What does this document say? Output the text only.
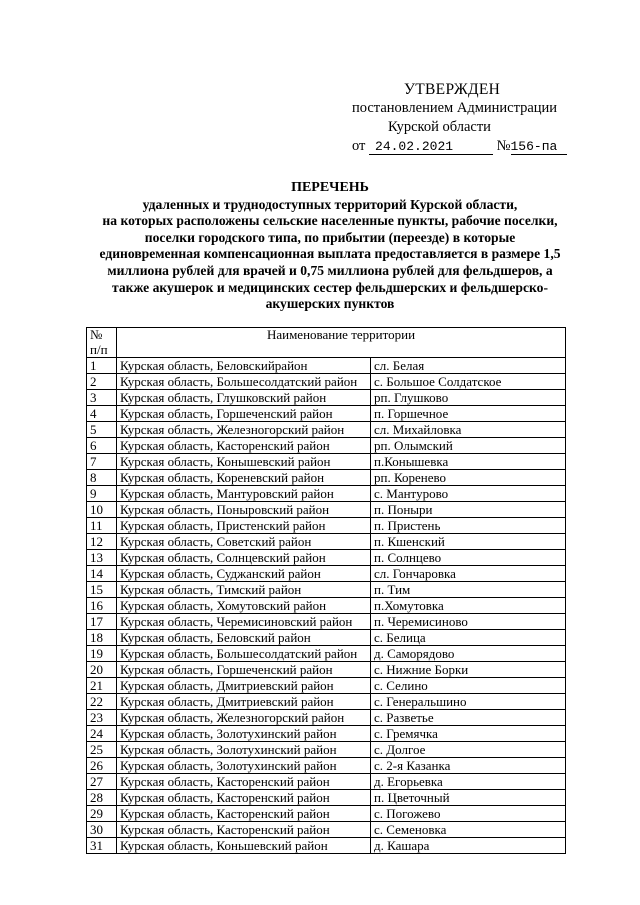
УТВЕРЖДЕН
постановлением Администрации
Курской области
от 24.02.2021	№156-па
ПЕРЕЧЕНЬ
удаленных и труднодоступных территорий Курской области,
на которых расположены сельские населенные пункты, рабочие поселки,
поселки городского типа, по прибытии (переезде) в которые
единовременная компенсационная выплата предоставляется в размере 1,5
миллиона рублей для врачей и 0,75 миллиона рублей для фельдшеров, а
также акушерок и медицинских сестер фельдшерских и фельдшерско-
акушерских пунктов
№
п/п	Наименование территории	
1	Курская область, Беловскийрайон	сл. Белая
2	Курская область, Большесолдатский район	с. Большое Солдатское
3	Курская область, Глушковский район	рп. Глушково
4	Курская область, Горшеченский район	п. Горшечное
5	Курская область, Железногорский район	сл. Михайловка
6	Курская область, Касторенский район	рп. Олымский
7	Курская область, Конышевский район	п.Конышевка
8	Курская область, Кореневский район	рп. Коренево
9	Курская область, Мантуровский район	с. Мантурово
10	Курская область, Поныровский район	п. Поныри
11	Курская область, Пристенский район	п. Пристень
12	Курская область, Советский район	п. Кшенский
13	Курская область, Солнцевский район	п. Солнцево
14	Курская область, Суджанский район	сл. Гончаровка
15	Курская область, Тимский район	п. Тим
16	Курская область, Хомутовский район	п.Хомутовка
17	Курская область, Черемисиновский район	п. Черемисиново
18	Курская область, Беловский район	с. Белица
19	Курская область, Большесолдатский район	д. Саморядово
20	Курская область, Горшеченский район	с. Нижние Борки
21	Курская область, Дмитриевский район	с. Селино
22	Курская область, Дмитриевский район	с. Генеральшино
23	Курская область, Железногорский район	с. Разветье
24	Курская область, Золотухинский район	с. Гремячка
25	Курская область, Золотухинский район	с. Долгое
26	Курская область, Золотухинский район	с. 2-я Казанка
27	Курская область, Касторенский район	д. Егорьевка
28	Курская область, Касторенский район	п. Цветочный
29	Курская область, Касторенский район	с. Погожево
30	Курская область, Касторенский район	с. Семеновка
31	Курская область, Коньшевский район	д. Кашара
